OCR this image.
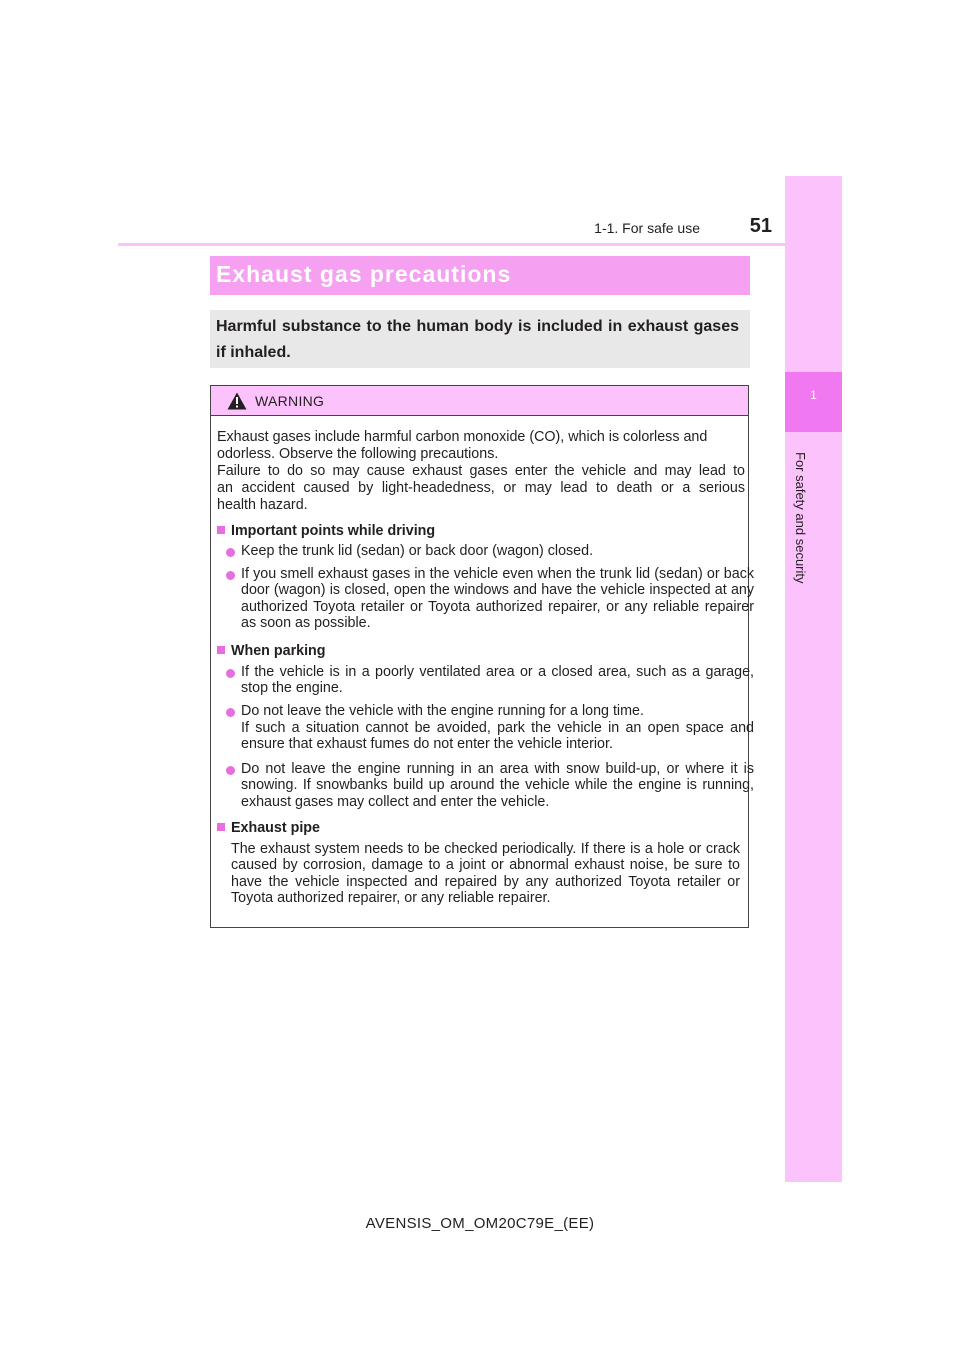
1
For safety and security
1-1. For safe use	51
Exhaust gas precautions
Harmful substance to the human body is included in exhaust gases if inhaled.
WARNING
Exhaust gases include harmful carbon monoxide (CO), which is colorless and
odorless. Observe the following precautions.
Failure to do so may cause exhaust gases enter the vehicle and may lead to
an accident caused by light-headedness, or may lead to death or a serious
health hazard.
Important points while driving
Keep the trunk lid (sedan) or back door (wagon) closed.
If you smell exhaust gases in the vehicle even when the trunk lid (sedan) or back door (wagon) is closed, open the windows and have the vehicle inspected at any authorized Toyota retailer or Toyota authorized repairer, or any reliable repairer as soon as possible.
When parking
If the vehicle is in a poorly ventilated area or a closed area, such as a garage, stop the engine.
Do not leave the vehicle with the engine running for a long time.
If such a situation cannot be avoided, park the vehicle in an open space and ensure that exhaust fumes do not enter the vehicle interior.
Do not leave the engine running in an area with snow build-up, or where it is snowing. If snowbanks build up around the vehicle while the engine is running, exhaust gases may collect and enter the vehicle.
Exhaust pipe
The exhaust system needs to be checked periodically. If there is a hole or crack caused by corrosion, damage to a joint or abnormal exhaust noise, be sure to have the vehicle inspected and repaired by any authorized Toyota retailer or Toyota authorized repairer, or any reliable repairer.
AVENSIS_OM_OM20C79E_(EE)
